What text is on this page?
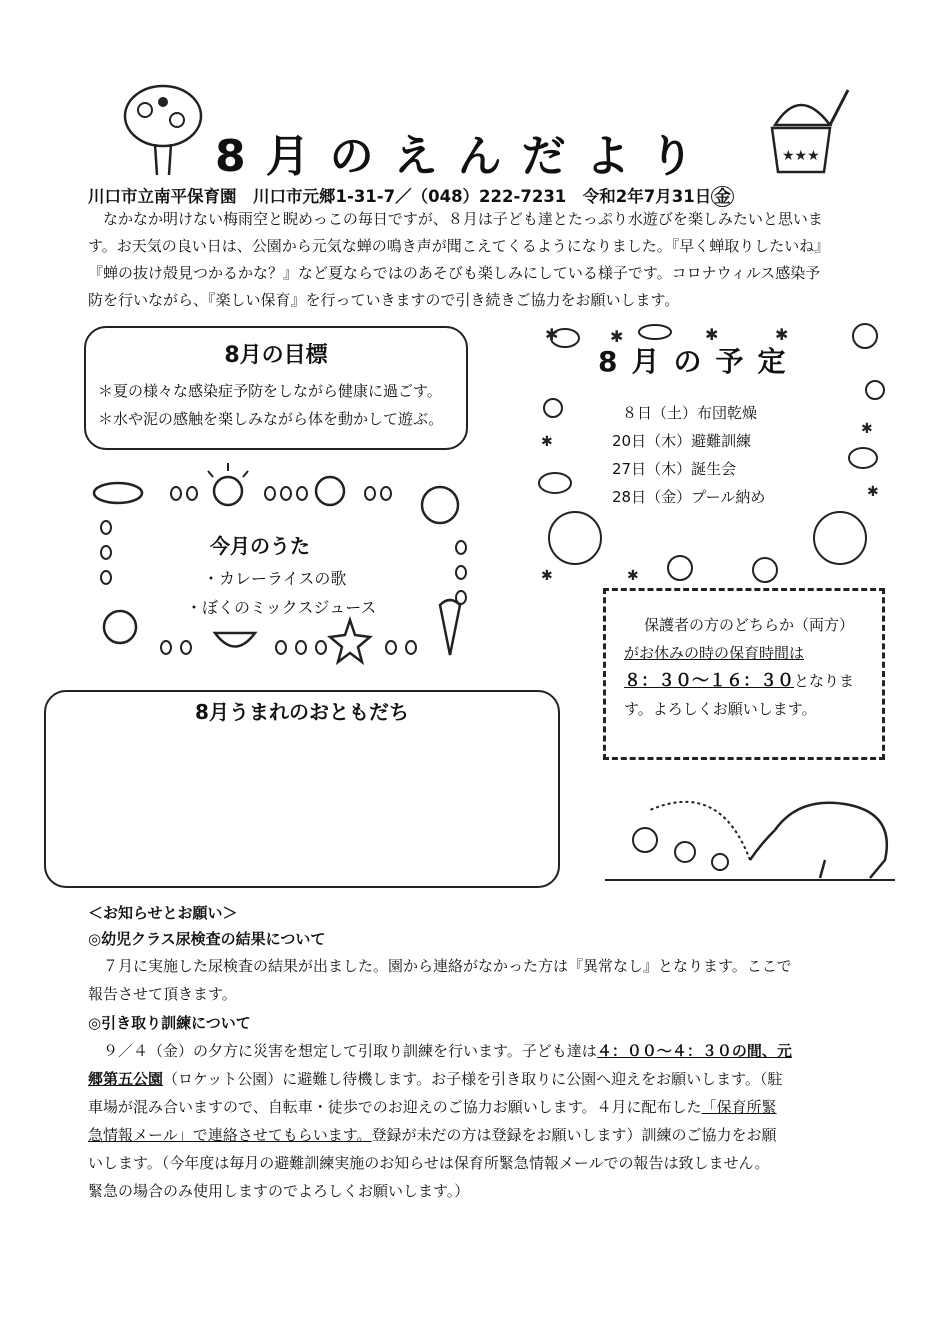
★★★
8月のえんだより
川口市立南平保育園　 川口市元郷1-31-7／（048）222-7231　 令和2年7月31日 金

　なかなか明けない梅雨空と睨めっこの毎日ですが、８月は子ども達とたっぷり水遊びを楽しみたいと思いま

す。お天気の良い日は、公園から元気な蝉の鳴き声が聞こえてくるようになりました。『早く蝉取りしたいね』

『蝉の抜け殻見つかるかな？』など夏ならではのあそびも楽しみにしている様子です。コロナウィルス感染予

防を行いながら、『楽しい保育』を行っていきますので引き続きご協力をお願いします。

8月の目標
＊夏の様々な感染症予防をしながら健康に過ごす。
＊水や泥の感触を楽しみながら体を動かして遊ぶ。
✱	✱	✱	✱
✱
✱
✱
✱	✱
8月の予定
８日（土）布団乾燥
20日（木）避難訓練
27日（木）誕生会
28日（金）プール納め
今月のうた
・カレーライスの歌
・ぼくのミックスジュース
8月うまれのおともだち
保護者の方のどちらか（両方）
がお休みの時の保育時間は
８：３０～１６：３０となりま
す。よろしくお願いします。
＜お知らせとお願い＞
◎幼児クラス尿検査の結果について

　７月に実施した尿検査の結果が出ました。園から連絡がなかった方は『異常なし』となります。ここで

報告させて頂きます。

◎引き取り訓練について

　９／４（金）の夕方に災害を想定して引取り訓練を行います。子ども達は４：００～４：３０の間、元

郷第五公園（ロケット公園）に避難し待機します。お子様を引き取りに公園へ迎えをお願いします。（駐

車場が混み合いますので、自転車・徒歩でのお迎えのご協力お願いします。４月に配布した「保育所緊

急情報メール」で連絡させてもらいます。登録が未だの方は登録をお願いします）訓練のご協力をお願

いします。（今年度は毎月の避難訓練実施のお知らせは保育所緊急情報メールでの報告は致しません。

緊急の場合のみ使用しますのでよろしくお願いします。）
